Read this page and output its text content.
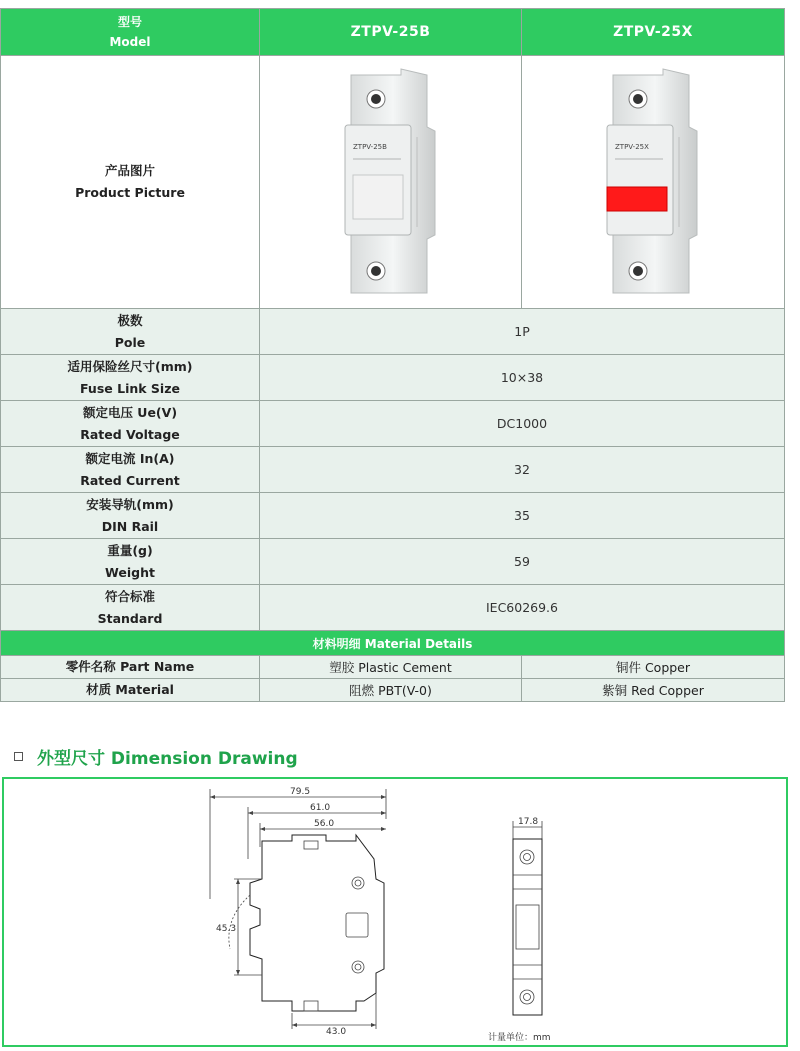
型号
Model	ZTPV-25B	ZTPV-25X

产品图片
Product Picture	ZTPV-25B	ZTPV-25X

极数
Pole	1P	

适用保险丝尺寸(mm)
Fuse Link Size	10×38	

额定电压 Ue(V)
Rated Voltage	DC1000	

额定电流 In(A)
Rated Current	32	

安装导轨(mm)
DIN Rail	35	

重量(g)
Weight	59	

符合标准
Standard	IEC60269.6	
材料明细 Material Details		
零件名称 Part Name	塑胶 Plastic Cement	铜件 Copper
材质 Material	阻燃 PBT(V-0)	紫铜 Red Copper
外型尺寸 Dimension Drawing
79.5
61.0
56.0
45.3
43.0
17.8
计量单位：mm
